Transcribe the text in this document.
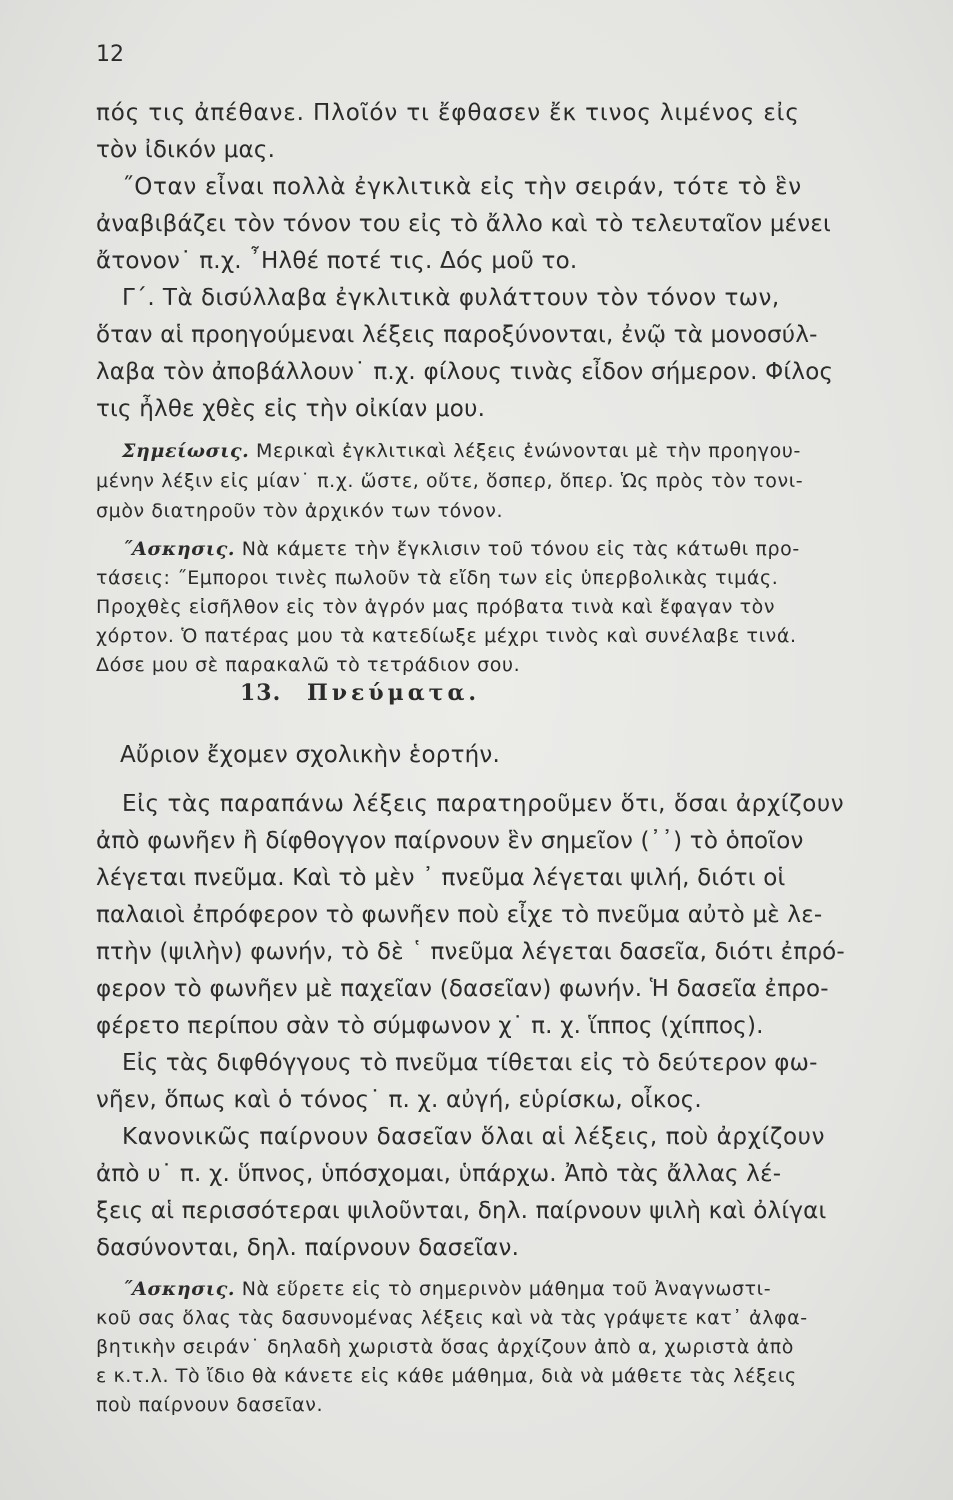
12
πός τις ἀπέθανε. Πλοῖόν τι ἔφθασεν ἔκ τινος λιμένος εἰς
τὸν ἰδικόν μας.
˝Οταν εἶναι πολλὰ ἐγκλιτικὰ εἰς τὴν σειράν, τότε τὸ ἓν
ἀναβιβάζει τὸν τόνον του εἰς τὸ ἄλλο καὶ τὸ τελευταῖον μένει
ἄτονον˙ π.χ. ῏Ηλθέ ποτέ τις. Δός μοῦ το.
Γ΄. Τὰ δισύλλαβα ἐγκλιτικὰ φυλάττουν τὸν τόνον των,
ὅταν αἱ προηγούμεναι λέξεις παροξύνονται, ἐνῷ τὰ μονοσύλ-
λαβα τὸν ἀποβάλλουν˙ π.χ. φίλους τινὰς εἶδον σήμερον. Φίλος
τις ἦλθε χθὲς εἰς τὴν οἰκίαν μου.
Σημείωσις. Μερικαὶ ἐγκλιτικαὶ λέξεις ἑνώνονται μὲ τὴν προηγου-
μένην λέξιν εἰς μίαν˙ π.χ. ὥστε, οὔτε, ὅσπερ, ὅπερ. Ὡς πρὸς τὸν τονι-
σμὸν διατηροῦν τὸν ἀρχικόν των τόνον.
˝Ασκησις. Νὰ κάμετε τὴν ἔγκλισιν τοῦ τόνου εἰς τὰς κάτωθι προ-
τάσεις: ˝Εμποροι τινὲς πωλοῦν τὰ εἴδη των εἰς ὑπερβολικὰς τιμάς.
Προχθὲς εἰσῆλθον εἰς τὸν ἀγρόν μας πρόβατα τινὰ καὶ ἔφαγαν τὸν
χόρτον. Ὁ πατέρας μου τὰ κατεδίωξε μέχρι τινὸς καὶ συνέλαβε τινά.
Δόσε μου σὲ παρακαλῶ τὸ τετράδιον σου.
13. Πνεύματα.
Αὔριον ἔχομεν σχολικὴν ἑορτήν.
Εἰς τὰς παραπάνω λέξεις παρατηροῦμεν ὅτι, ὅσαι ἀρχίζουν
ἀπὸ φωνῆεν ἢ δίφθογγον παίρνουν ἓν σημεῖον (᾿᾿) τὸ ὁποῖον
λέγεται πνεῦμα. Καὶ τὸ μὲν ᾿ πνεῦμα λέγεται ψιλή, διότι οἱ
παλαιοὶ ἐπρόφερον τὸ φωνῆεν ποὺ εἶχε τὸ πνεῦμα αὐτὸ μὲ λε-
πτὴν (ψιλὴν) φωνήν, τὸ δὲ ῾ πνεῦμα λέγεται δασεῖα, διότι ἐπρό-
φερον τὸ φωνῆεν μὲ παχεῖαν (δασεῖαν) φωνήν. Ἡ δασεῖα ἐπρο-
φέρετο περίπου σὰν τὸ σύμφωνον χ˙ π. χ. ἵππος (χίππος).
Εἰς τὰς διφθόγγους τὸ πνεῦμα τίθεται εἰς τὸ δεύτερον φω-
νῆεν, ὅπως καὶ ὁ τόνος˙ π. χ. αὐγή, εὑρίσκω, οἶκος.
Κανονικῶς παίρνουν δασεῖαν ὅλαι αἱ λέξεις, ποὺ ἀρχίζουν
ἀπὸ υ˙ π. χ. ὕπνος, ὑπόσχομαι, ὑπάρχω. Ἀπὸ τὰς ἄλλας λέ-
ξεις αἱ περισσότεραι ψιλοῦνται, δηλ. παίρνουν ψιλὴ καὶ ὀλίγαι
δασύνονται, δηλ. παίρνουν δασεῖαν.
˝Ασκησις. Νὰ εὕρετε εἰς τὸ σημερινὸν μάθημα τοῦ Ἀναγνωστι-
κοῦ σας ὅλας τὰς δασυνομένας λέξεις καὶ νὰ τὰς γράψετε κατ᾿ ἀλφα-
βητικὴν σειράν˙ δηλαδὴ χωριστὰ ὅσας ἀρχίζουν ἀπὸ α, χωριστὰ ἀπὸ
ε κ.τ.λ. Τὸ ἴδιο θὰ κάνετε εἰς κάθε μάθημα, διὰ νὰ μάθετε τὰς λέξεις
ποὺ παίρνουν δασεῖαν.
